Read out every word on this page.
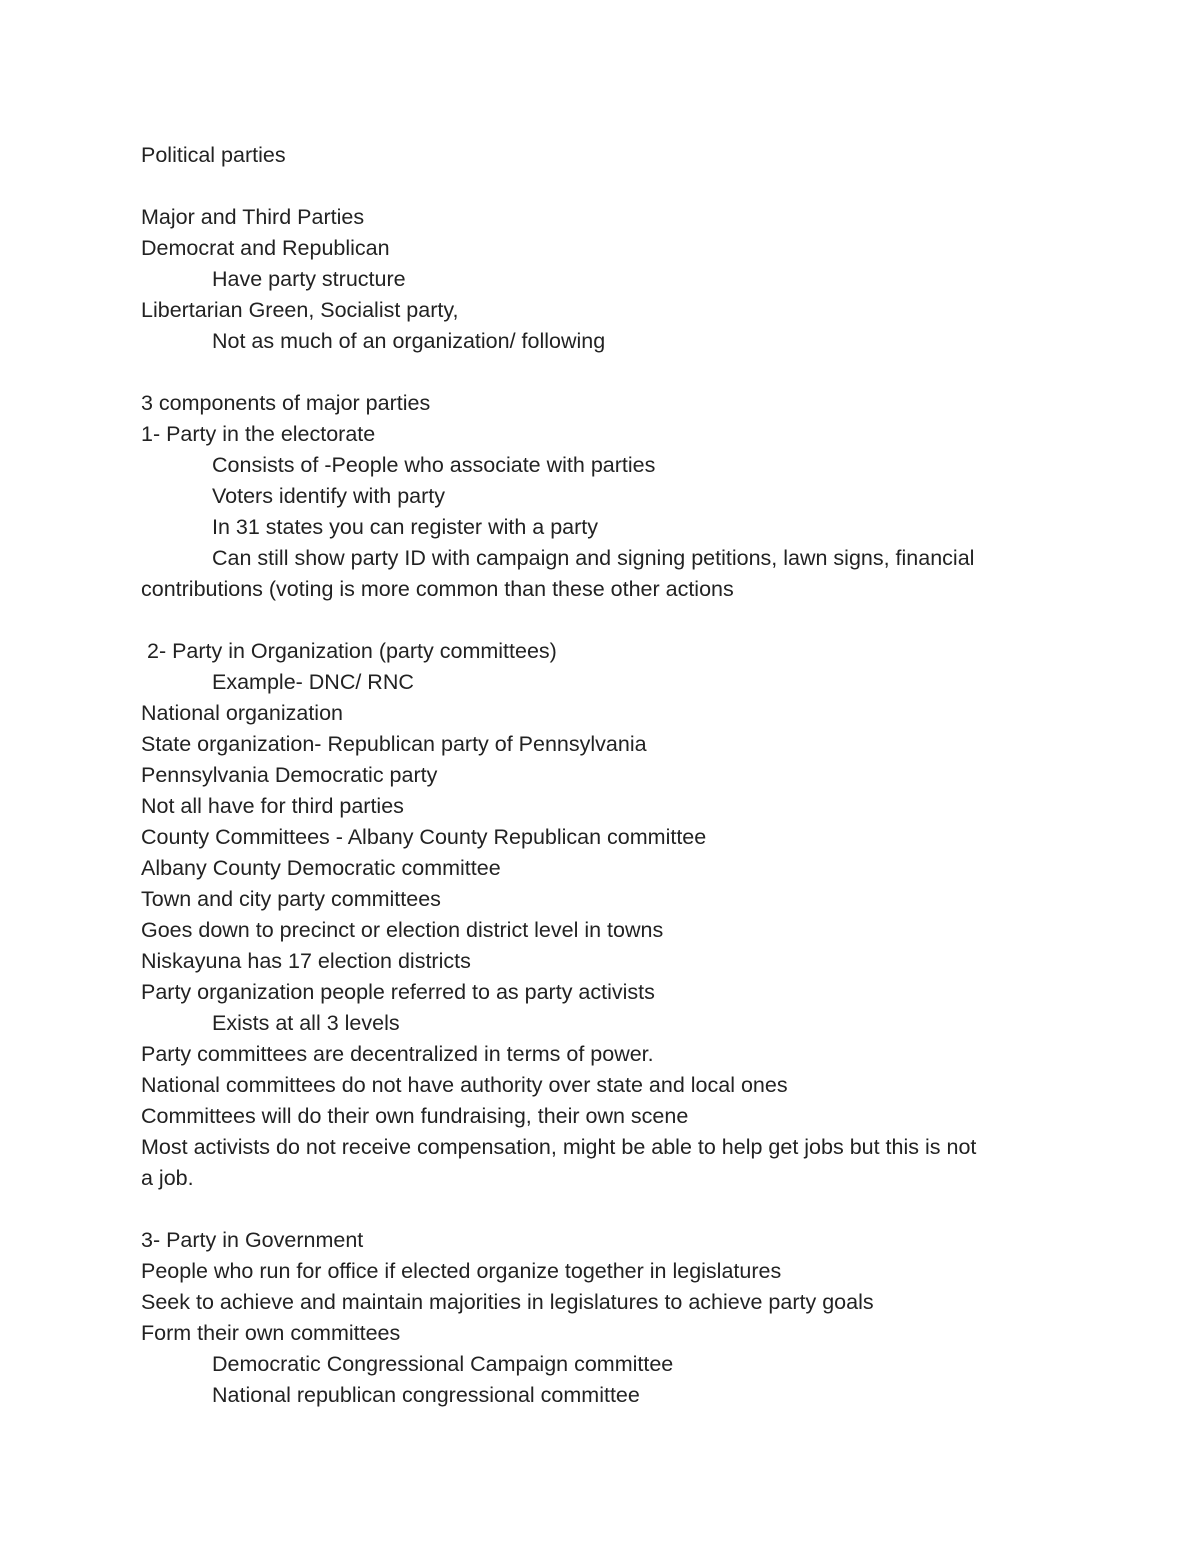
Political parties
Major and Third Parties
Democrat and Republican
Have party structure
Libertarian Green, Socialist party,
Not as much of an organization/ following
3 components of major parties
1- Party in the electorate
Consists of -People who associate with parties
Voters identify with party
In 31 states you can register with a party
Can still show party ID with campaign and signing petitions, lawn signs, financial
contributions (voting is more common than these other actions
2- Party in Organization (party committees)
Example- DNC/ RNC
National organization
State organization- Republican party of Pennsylvania
Pennsylvania Democratic party
Not all have for third parties
County Committees - Albany County Republican committee
Albany County Democratic committee
Town and city party committees
Goes down to precinct or election district level in towns
Niskayuna has 17 election districts
Party organization people referred to as party activists
Exists at all 3 levels
Party committees are decentralized in terms of power.
National committees do not have authority over state and local ones
Committees will do their own fundraising, their own scene
Most activists do not receive compensation, might be able to help get jobs but this is not
a job.
3- Party in Government
People who run for office if elected organize together in legislatures
Seek to achieve and maintain majorities in legislatures to achieve party goals
Form their own committees
Democratic Congressional Campaign committee
National republican congressional committee
